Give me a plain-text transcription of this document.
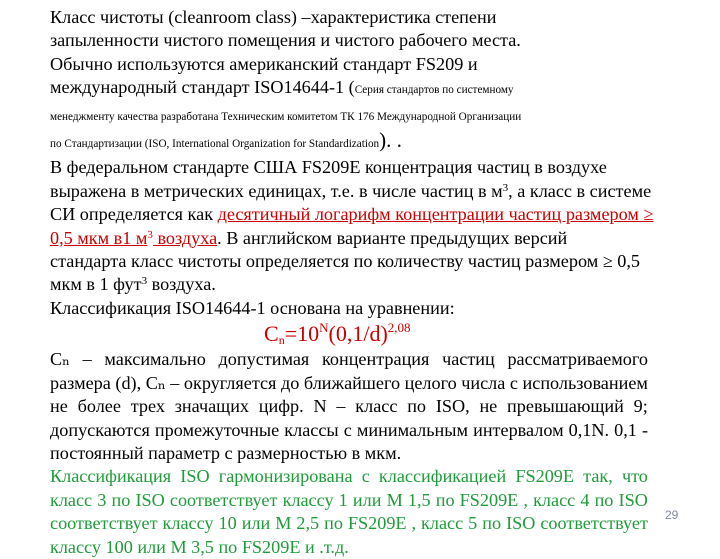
Класс чистоты (cleanroom class) –характеристика степени
запыленности чистого помещения и чистого рабочего места.
Обычно используются американский стандарт FS209 и
международный стандарт ISO14644-1 (Серия стандартов по системному
менеджменту качества разработана Техническим комитетом ТК 176 Международной Организации
по Стандартизации (ISO, International Organization for Standardization). .
В федеральном стандарте США FS209E концентрация частиц в воздухе
выражена в метрических единицах, т.е. в числе частиц в $м^3$, а класс в системе
СИ определяется как десятичный логарифм концентрации частиц размером ≥
0,5 мкм в1 $м^3$ воздуха. В английском варианте предыдущих версий
стандарта класс чистоты определяется по количеству частиц размером ≥ 0,5
мкм в 1 фут$^3$ воздуха.
Классификация ISO14644-1 основана на уравнении:
$C_n=10^N(0,1/d)^{2,08}$
Cₙ – максимально допустимая концентрация частиц рассматриваемого
размера (d), Cₙ – округляется до ближайшего целого числа с использованием
не более трех значащих цифр. N – класс по ISO, не превышающий 9;
допускаются промежуточные классы с минимальным интервалом 0,1N. 0,1 -
постоянный параметр с размерностью в мкм.
Классификация ISO гармонизирована с классификацией FS209E так, что
класс 3 по ISO соответствует классу 1 или М 1,5 по FS209E , класс 4 по ISO
соответствует классу 10 или М 2,5 по FS209E , класс 5 по ISO соответствует
классу 100 или М 3,5 по FS209E и .т.д.
29
